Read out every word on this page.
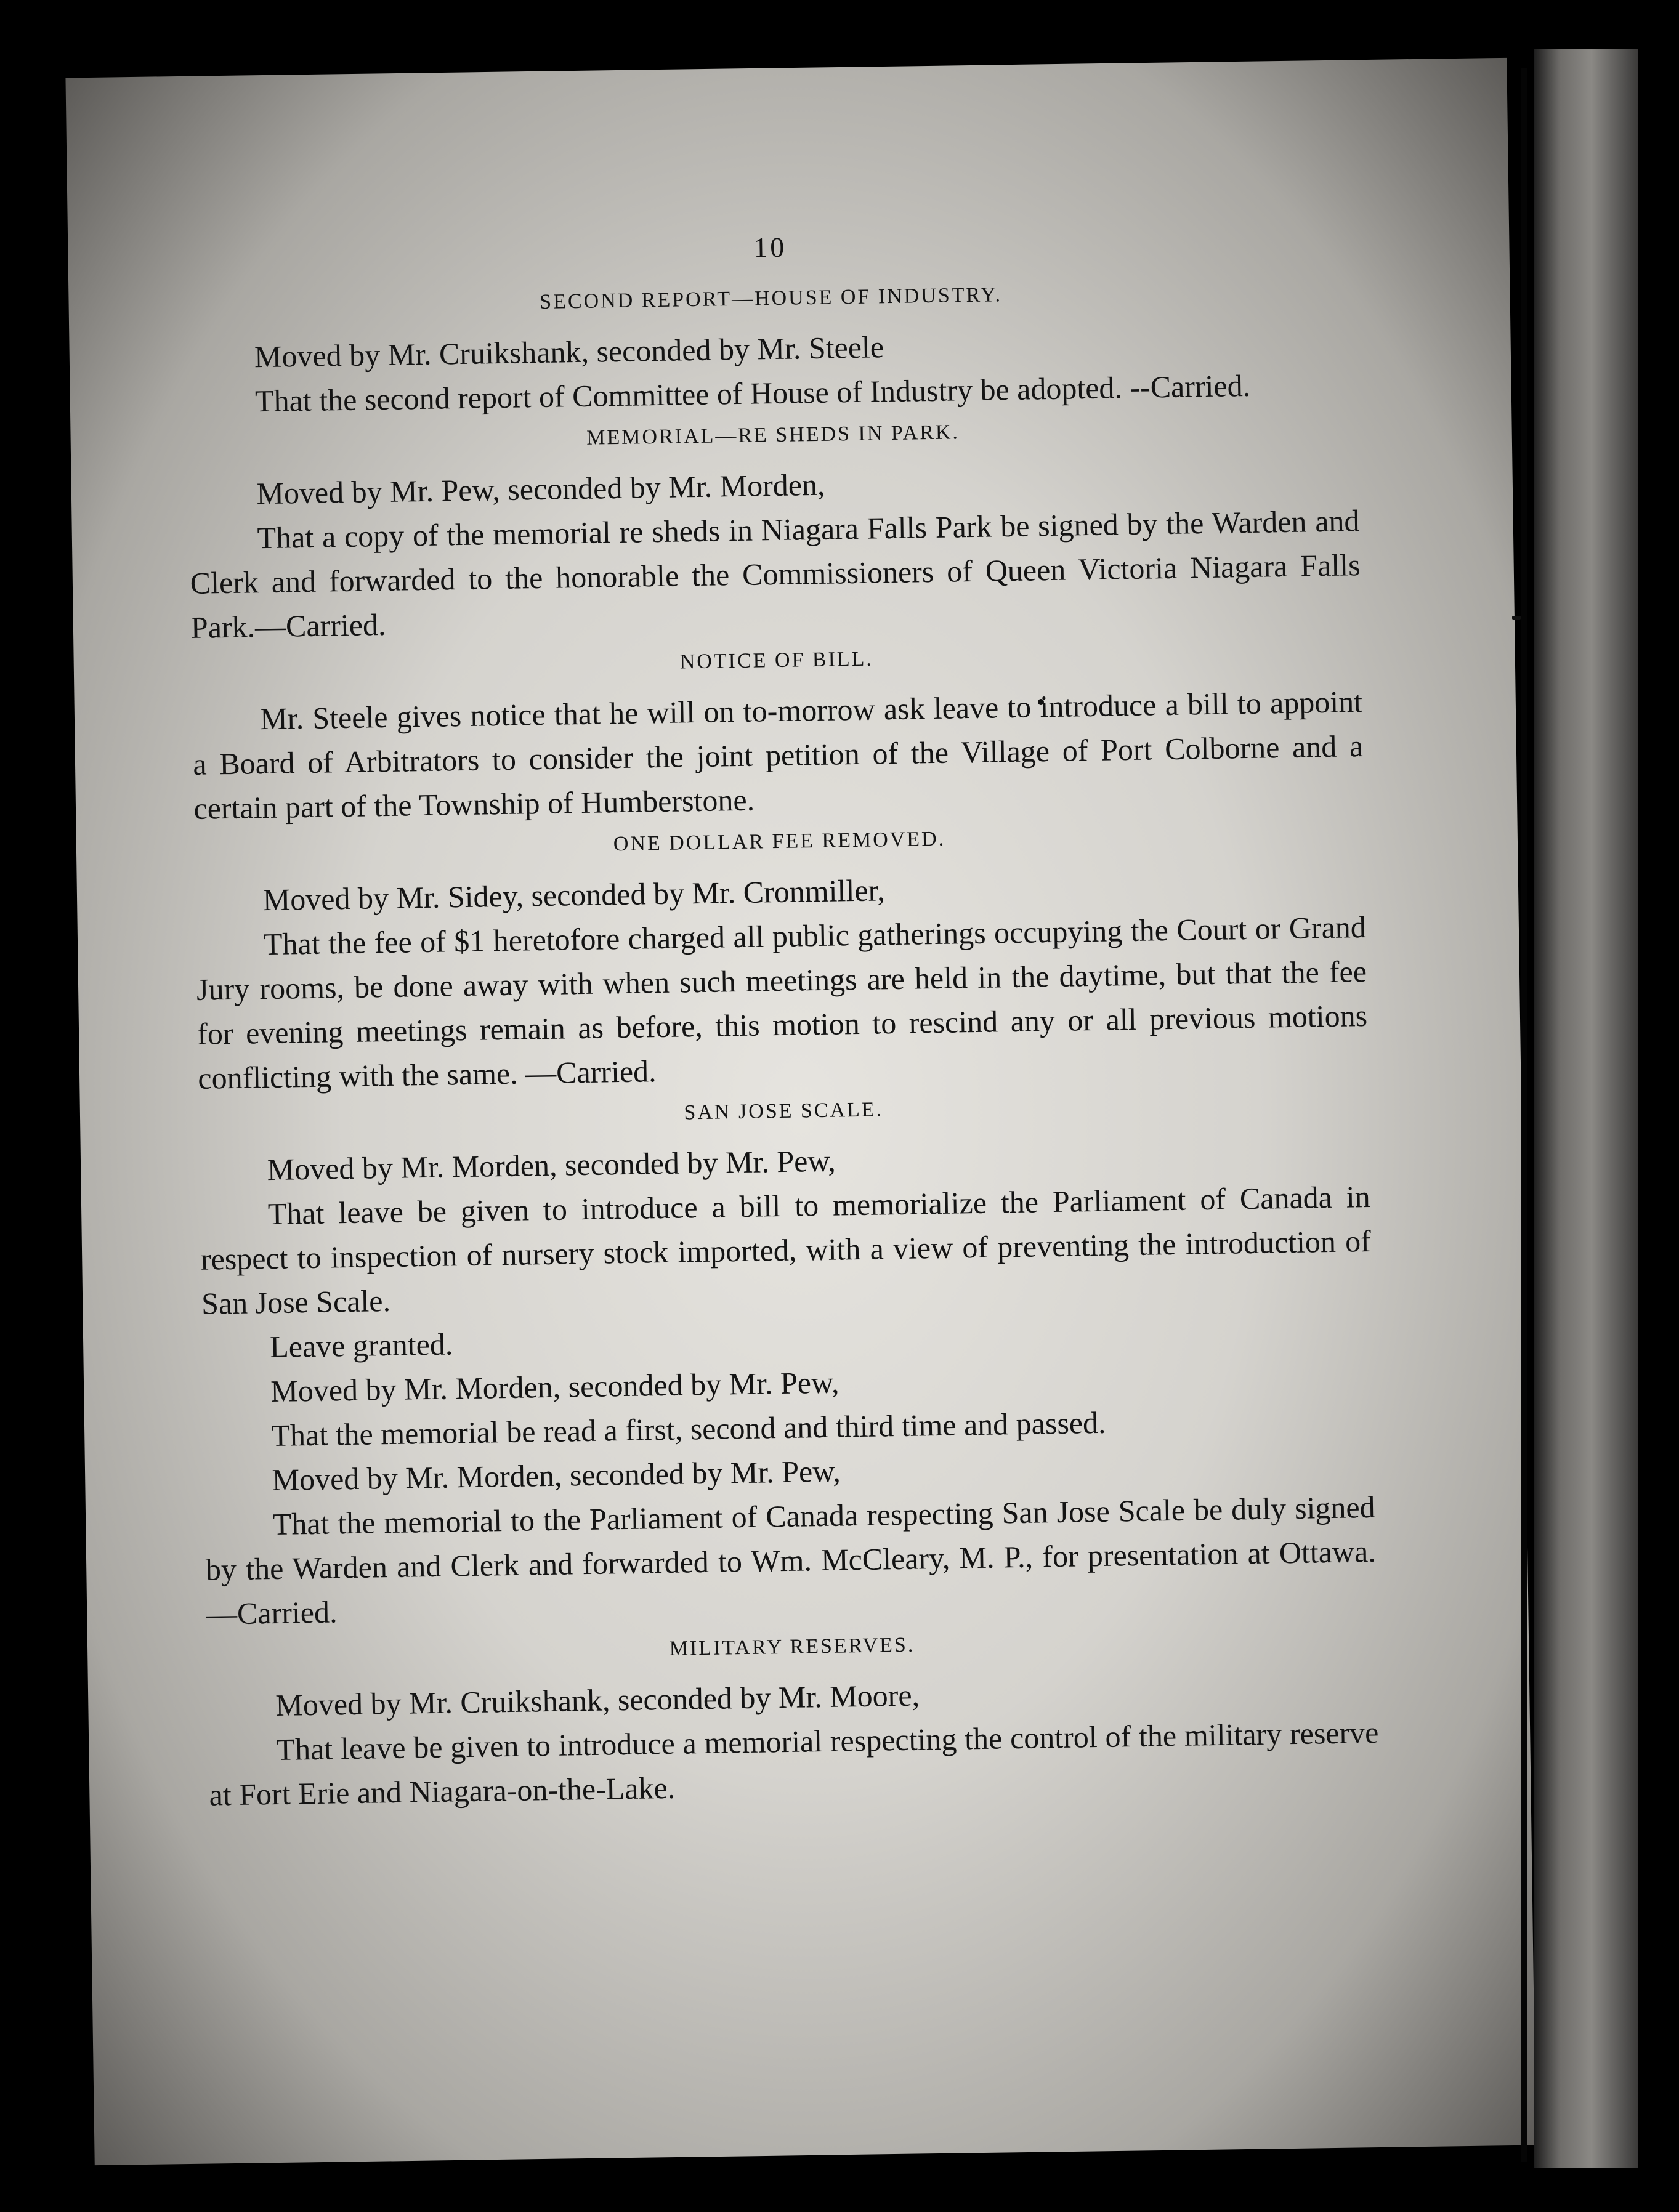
10
SECOND REPORT—HOUSE OF INDUSTRY.

Moved by Mr. Cruikshank, seconded by Mr. Steele

That the second report of Committee of House of Industry be adopted. --Carried.

MEMORIAL—RE SHEDS IN PARK.

Moved by Mr. Pew, seconded by Mr. Morden,

That a copy of the memorial re sheds in Niagara Falls Park be signed by the Warden and Clerk and forwarded to the honorable the Commissioners of Queen Victoria Niagara Falls Park.—Carried.

NOTICE OF BILL.

Mr. Steele gives notice that he will on to-morrow ask leave to introduce a bill to appoint a Board of Arbitrators to consider the joint petition of the Village of Port Colborne and a certain part of the Township of Humberstone.

ONE DOLLAR FEE REMOVED.

Moved by Mr. Sidey, seconded by Mr. Cronmiller,

That the fee of $1 heretofore charged all public gatherings occupying the Court or Grand Jury rooms, be done away with when such meetings are held in the daytime, but that the fee for evening meetings remain as before, this motion to rescind any or all previous motions conflicting with the same. —Carried.

SAN JOSE SCALE.

Moved by Mr. Morden, seconded by Mr. Pew,

That leave be given to introduce a bill to memorialize the Parliament of Canada in respect to inspection of nursery stock imported, with a view of preventing the introduction of San Jose Scale.

Leave granted.

Moved by Mr. Morden, seconded by Mr. Pew,

That the memorial be read a first, second and third time and passed.

Moved by Mr. Morden, seconded by Mr. Pew,

That the memorial to the Parliament of Canada respecting San Jose Scale be duly signed by the Warden and Clerk and forwarded to Wm. McCleary, M. P., for presentation at Ottawa.—Carried.

MILITARY RESERVES.

Moved by Mr. Cruikshank, seconded by Mr. Moore,

That leave be given to introduce a memorial respecting the control of the military reserve at Fort Erie and Niagara-on-the-Lake.
